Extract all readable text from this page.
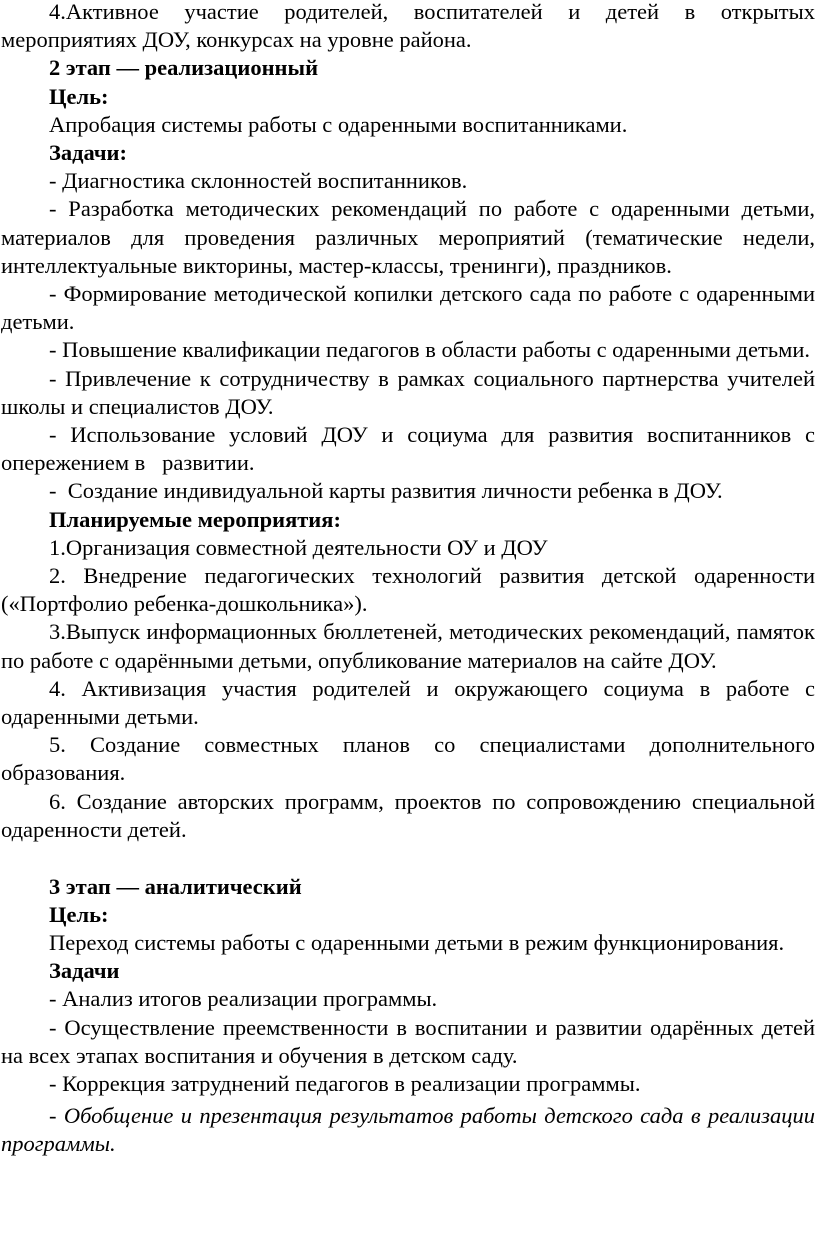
4.Активное участие родителей, воспитателей и детей в открытых мероприятиях ДОУ, конкурсах на уровне района.

2 этап — реализационный

Цель:

Апробация системы работы с одаренными воспитанниками.

Задачи:

- Диагностика склонностей воспитанников.

- Разработка методических рекомендаций по работе с одаренными детьми, материалов для проведения различных мероприятий (тематические недели, интеллектуальные викторины, мастер-классы, тренинги), праздников.

- Формирование методической копилки детского сада по работе с одаренными детьми.

- Повышение квалификации педагогов в области работы с одаренными детьми.

- Привлечение к сотрудничеству в рамках социального партнерства учителей школы и специалистов ДОУ.

- Использование условий ДОУ и социума для развития воспитанников с опережением в   развитии.

-  Создание индивидуальной карты развития личности ребенка в ДОУ.

Планируемые мероприятия:

1.Организация совместной деятельности ОУ и ДОУ

2. Внедрение педагогических технологий развития детской одаренности («Портфолио ребенка-дошкольника»).

3.Выпуск информационных бюллетеней, методических рекомендаций, памяток по работе с одарёнными детьми, опубликование материалов на сайте ДОУ.

4. Активизация участия родителей и окружающего социума в работе с одаренными детьми.

5. Создание совместных планов со специалистами дополнительного образования.

6. Создание авторских программ, проектов по сопровождению специальной одаренности детей.

3 этап — аналитический

Цель:

Переход системы работы с одаренными детьми в режим функционирования.

Задачи

- Анализ итогов реализации программы.

- Осуществление преемственности в воспитании и развитии одарённых детей на всех этапах воспитания и обучения в детском саду.

- Коррекция затруднений педагогов в реализации программы.

- Обобщение и презентация результатов работы детского сада в реализации программы.
